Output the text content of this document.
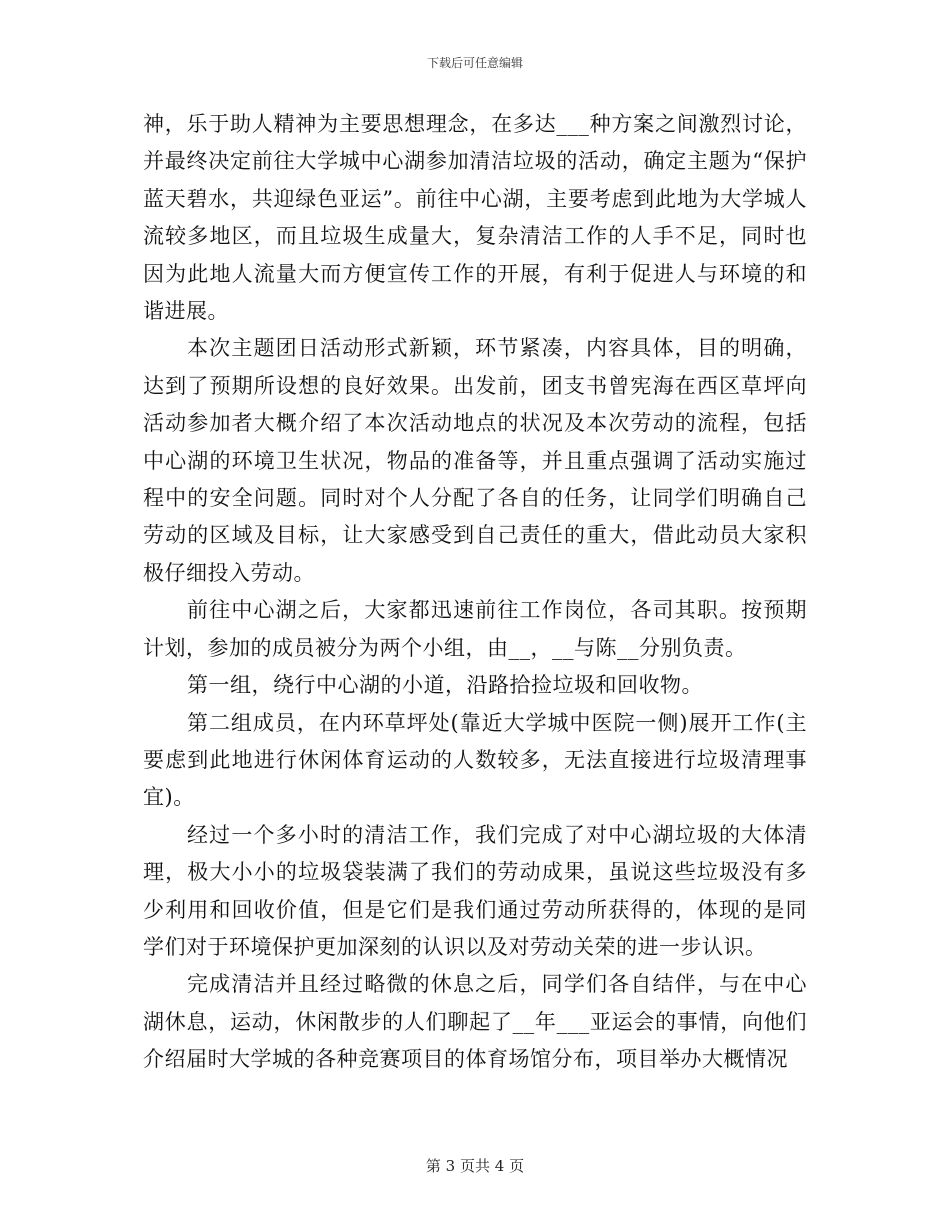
下载后可任意编辑

神，乐于助人精神为主要思想理念，在多达___种方案之间激烈讨论，并最终决定前往大学城中心湖参加清洁垃圾的活动，确定主题为“保护蓝天碧水，共迎绿色亚运”。前往中心湖，主要考虑到此地为大学城人流较多地区，而且垃圾生成量大，复杂清洁工作的人手不足，同时也因为此地人流量大而方便宣传工作的开展，有利于促进人与环境的和谐进展。

本次主题团日活动形式新颖，环节紧凑，内容具体，目的明确，达到了预期所设想的良好效果。出发前，团支书曾宪海在西区草坪向活动参加者大概介绍了本次活动地点的状况及本次劳动的流程，包括中心湖的环境卫生状况，物品的准备等，并且重点强调了活动实施过程中的安全问题。同时对个人分配了各自的任务，让同学们明确自己劳动的区域及目标，让大家感受到自己责任的重大，借此动员大家积极仔细投入劳动。

前往中心湖之后，大家都迅速前往工作岗位，各司其职。按预期计划，参加的成员被分为两个小组，由__，__与陈__分别负责。

第一组，绕行中心湖的小道，沿路拾捡垃圾和回收物。

第二组成员，在内环草坪处(靠近大学城中医院一侧)展开工作(主要虑到此地进行休闲体育运动的人数较多，无法直接进行垃圾清理事宜)。

经过一个多小时的清洁工作，我们完成了对中心湖垃圾的大体清理，极大小小的垃圾袋装满了我们的劳动成果，虽说这些垃圾没有多少利用和回收价值，但是它们是我们通过劳动所获得的，体现的是同学们对于环境保护更加深刻的认识以及对劳动关荣的进一步认识。

完成清洁并且经过略微的休息之后，同学们各自结伴，与在中心湖休息，运动，休闲散步的人们聊起了__年___亚运会的事情，向他们介绍届时大学城的各种竞赛项目的体育场馆分布，项目举办大概情况

第 3 页共 4 页
